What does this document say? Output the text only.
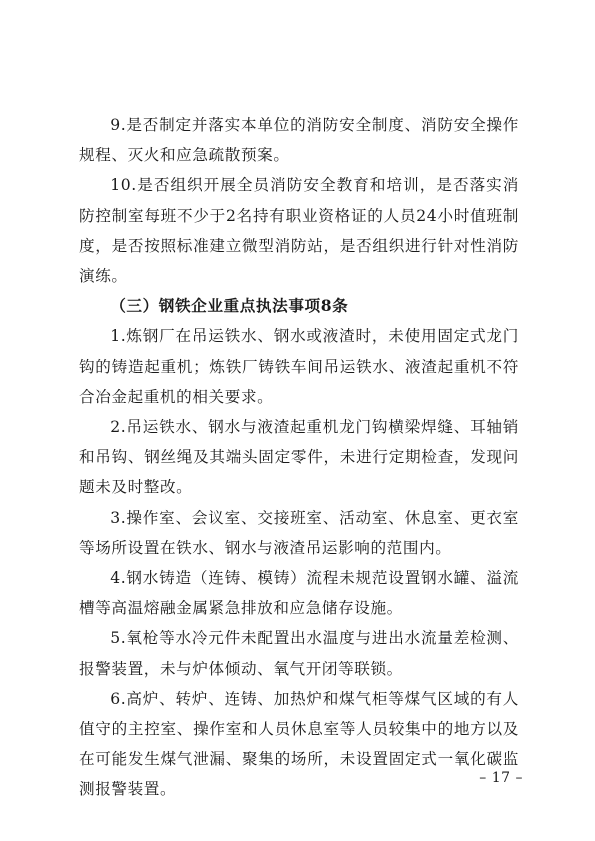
9.是否制定并落实本单位的消防安全制度、消防安全操作规程、灭火和应急疏散预案。

10.是否组织开展全员消防安全教育和培训，是否落实消防控制室每班不少于2名持有职业资格证的人员24小时值班制度，是否按照标准建立微型消防站，是否组织进行针对性消防演练。

（三）钢铁企业重点执法事项8条

1.炼钢厂在吊运铁水、钢水或液渣时，未使用固定式龙门钩的铸造起重机；炼铁厂铸铁车间吊运铁水、液渣起重机不符合冶金起重机的相关要求。

2.吊运铁水、钢水与液渣起重机龙门钩横梁焊缝、耳轴销和吊钩、钢丝绳及其端头固定零件，未进行定期检查，发现问题未及时整改。

3.操作室、会议室、交接班室、活动室、休息室、更衣室等场所设置在铁水、钢水与液渣吊运影响的范围内。

4.钢水铸造（连铸、模铸）流程未规范设置钢水罐、溢流槽等高温熔融金属紧急排放和应急储存设施。

5.氧枪等水冷元件未配置出水温度与进出水流量差检测、报警装置，未与炉体倾动、氧气开闭等联锁。

6.高炉、转炉、连铸、加热炉和煤气柜等煤气区域的有人值守的主控室、操作室和人员休息室等人员较集中的地方以及在可能发生煤气泄漏、聚集的场所，未设置固定式一氧化碳监测报警装置。

– 17 –
